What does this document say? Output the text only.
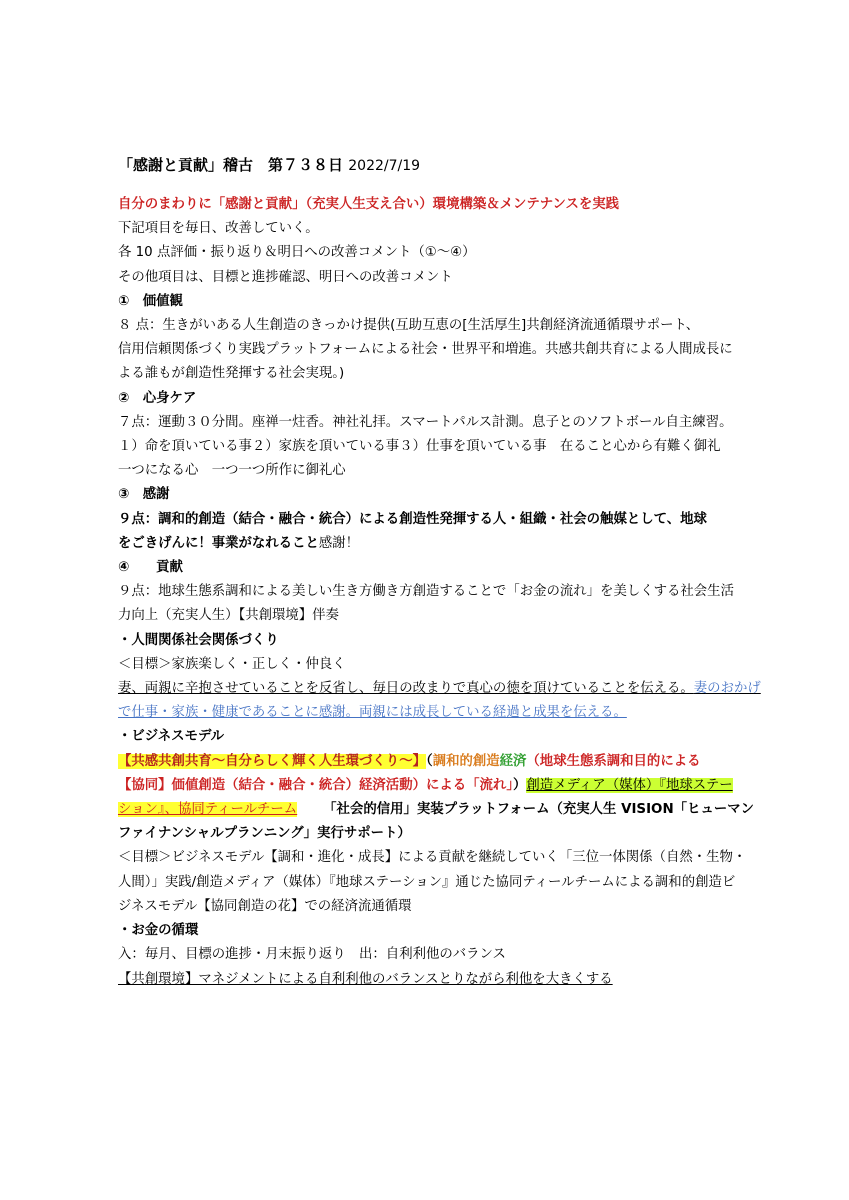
「感謝と貢献」稽古　第７３８日 2022/7/19
自分のまわりに「感謝と貢献」（充実人生支え合い）環境構築＆メンテナンスを実践
下記項目を毎日、改善していく。
各 10 点評価・振り返り＆明日への改善コメント（①～④）
その他項目は、目標と進捗確認、明日への改善コメント
①　価値観
８ 点：生きがいある人生創造のきっかけ提供(互助互恵の[生活厚生]共創経済流通循環サポート、
信用信頼関係づくり実践プラットフォームによる社会・世界平和増進。共感共創共育による人間成長に
よる誰もが創造性発揮する社会実現。)
②　心身ケア
７点：運動３０分間。座禅一炷香。神社礼拝。スマートパルス計測。息子とのソフトボール自主練習。
１）命を頂いている事２）家族を頂いている事３）仕事を頂いている事　在ること心から有難く御礼
一つになる心　一つ一つ所作に御礼心
③　感謝
９点：調和的創造（結合・融合・統合）による創造性発揮する人・組織・社会の触媒として、地球
をごきげんに！事業がなれること感謝！
④　　貢献
９点：地球生態系調和による美しい生き方働き方創造することで「お金の流れ」を美しくする社会生活
力向上（充実人生）【共創環境】伴奏
・人間関係社会関係づくり
＜目標＞家族楽しく・正しく・仲良く
妻、両親に辛抱させていることを反省し、毎日の改まりで真心の徳を頂けていることを伝える。妻のおかげ
で仕事・家族・健康であることに感謝。両親には成長している経過と成果を伝える。
・ビジネスモデル
【共感共創共育～自分らしく輝く人生環づくり～】（調和的創造経済（地球生態系調和目的による
【協同】価値創造（結合・融合・統合）経済活動）による「流れ」）創造メディア（媒体）『地球ステー
ション』、協同ティールチーム 「社会的信用」実装プラットフォーム（充実人生 VISION「ヒューマン
ファイナンシャルプランニング」実行サポート）
＜目標＞ビジネスモデル【調和・進化・成長】による貢献を継続していく「三位一体関係（自然・生物・
人間）」実践/創造メディア（媒体）『地球ステーション』通じた協同ティールチームによる調和的創造ビ
ジネスモデル【協同創造の花】での経済流通循環
・お金の循環
入：毎月、目標の進捗・月末振り返り　出：自利利他のバランス
【共創環境】マネジメントによる自利利他のバランスとりながら利他を大きくする
